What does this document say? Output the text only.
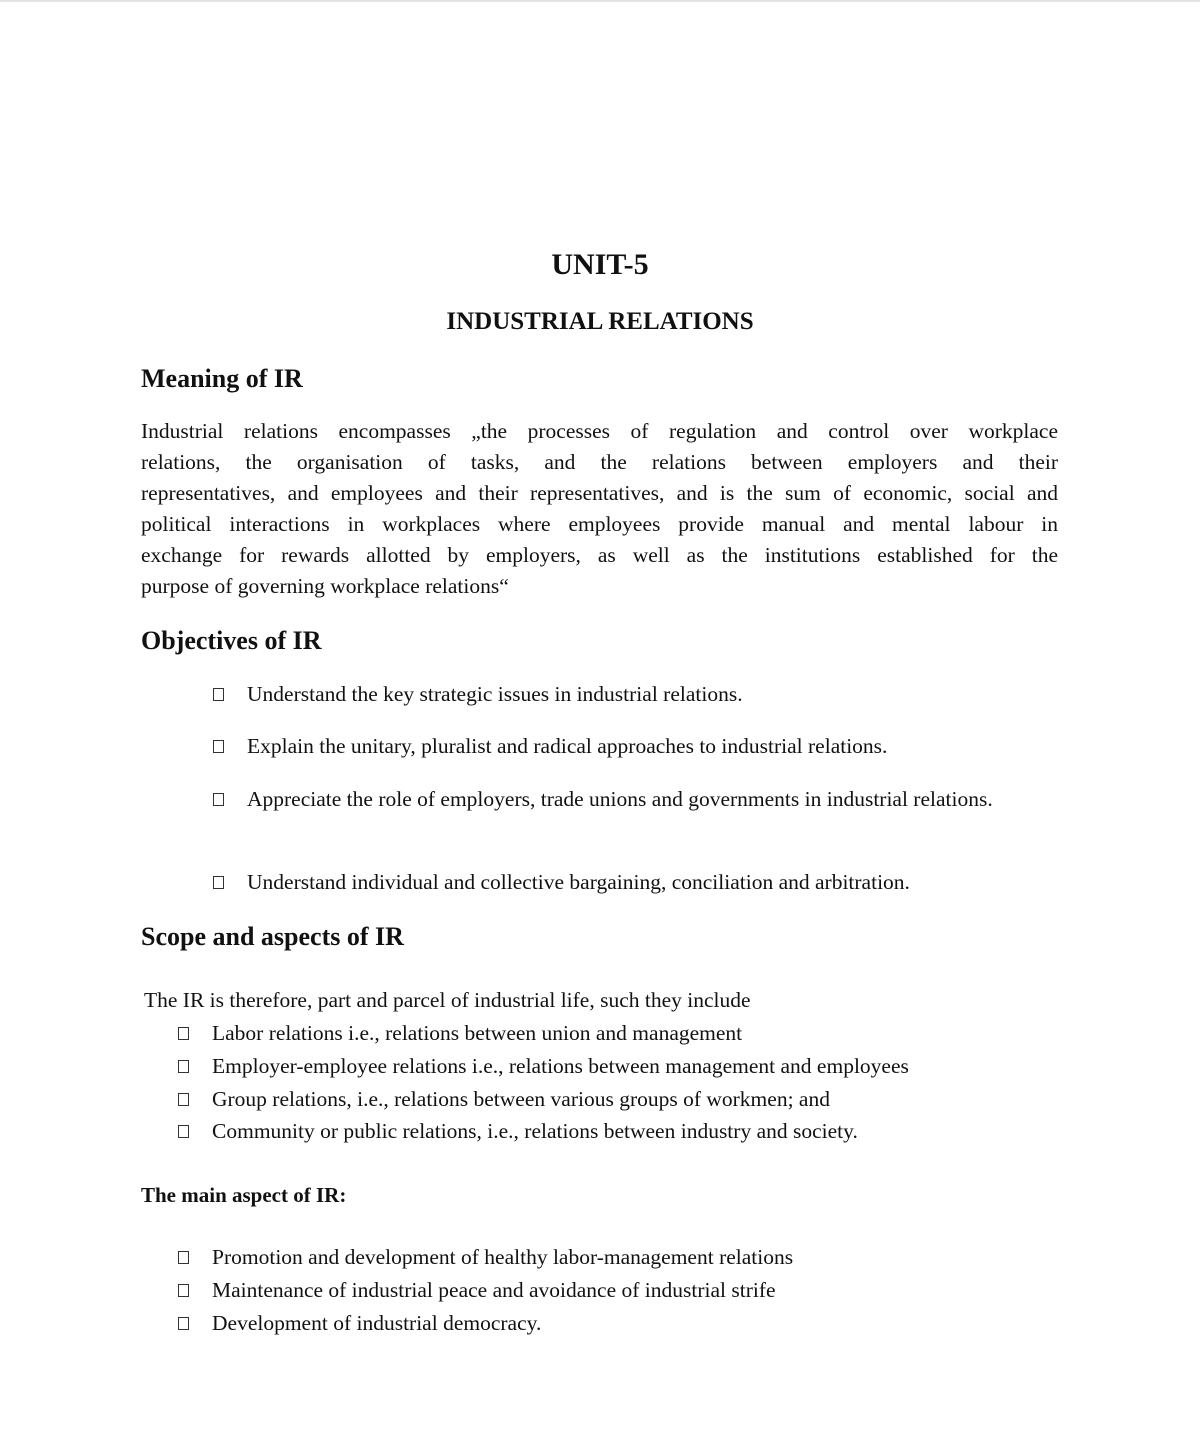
UNIT-5
INDUSTRIAL RELATIONS
Meaning of IR
Industrial relations encompasses „the processes of regulation and control over workplace
relations, the organisation of tasks, and the relations between employers and their
representatives, and employees and their representatives, and is the sum of economic, social and
political interactions in workplaces where employees provide manual and mental labour in
exchange for rewards allotted by employers, as well as the institutions established for the
purpose of governing workplace relations“
Objectives of IR
Understand the key strategic issues in industrial relations.
Explain the unitary, pluralist and radical approaches to industrial relations.
Appreciate the role of employers, trade unions and governments in industrial relations.
Understand individual and collective bargaining, conciliation and arbitration.
Scope and aspects of IR
The IR is therefore, part and parcel of industrial life, such they include
Labor relations i.e., relations between union and management
Employer-employee relations i.e., relations between management and employees
Group relations, i.e., relations between various groups of workmen; and
Community or public relations, i.e., relations between industry and society.
The main aspect of IR:
Promotion and development of healthy labor-management relations
Maintenance of industrial peace and avoidance of industrial strife
Development of industrial democracy.
